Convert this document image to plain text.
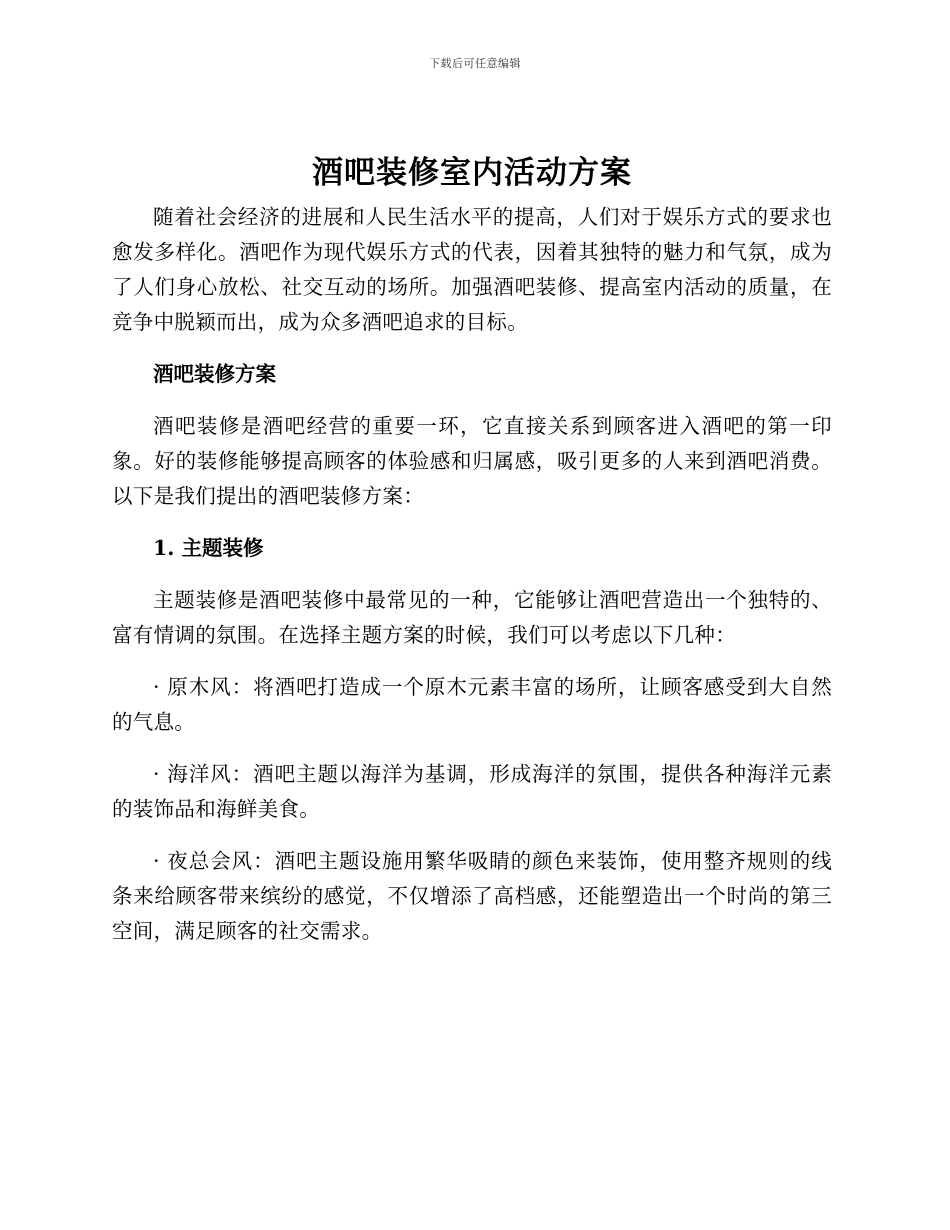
下载后可任意编辑
酒吧装修室内活动方案

随着社会经济的进展和人民生活水平的提高，人们对于娱乐方式的要求也愈发多样化。酒吧作为现代娱乐方式的代表，因着其独特的魅力和气氛，成为了人们身心放松、社交互动的场所。加强酒吧装修、提高室内活动的质量，在竞争中脱颖而出，成为众多酒吧追求的目标。

酒吧装修方案

酒吧装修是酒吧经营的重要一环，它直接关系到顾客进入酒吧的第一印象。好的装修能够提高顾客的体验感和归属感，吸引更多的人来到酒吧消费。以下是我们提出的酒吧装修方案：

1. 主题装修

主题装修是酒吧装修中最常见的一种，它能够让酒吧营造出一个独特的、富有情调的氛围。在选择主题方案的时候，我们可以考虑以下几种：

· 原木风：将酒吧打造成一个原木元素丰富的场所，让顾客感受到大自然的气息。

· 海洋风：酒吧主题以海洋为基调，形成海洋的氛围，提供各种海洋元素的装饰品和海鲜美食。

· 夜总会风：酒吧主题设施用繁华吸睛的颜色来装饰，使用整齐规则的线条来给顾客带来缤纷的感觉，不仅增添了高档感，还能塑造出一个时尚的第三空间，满足顾客的社交需求。
